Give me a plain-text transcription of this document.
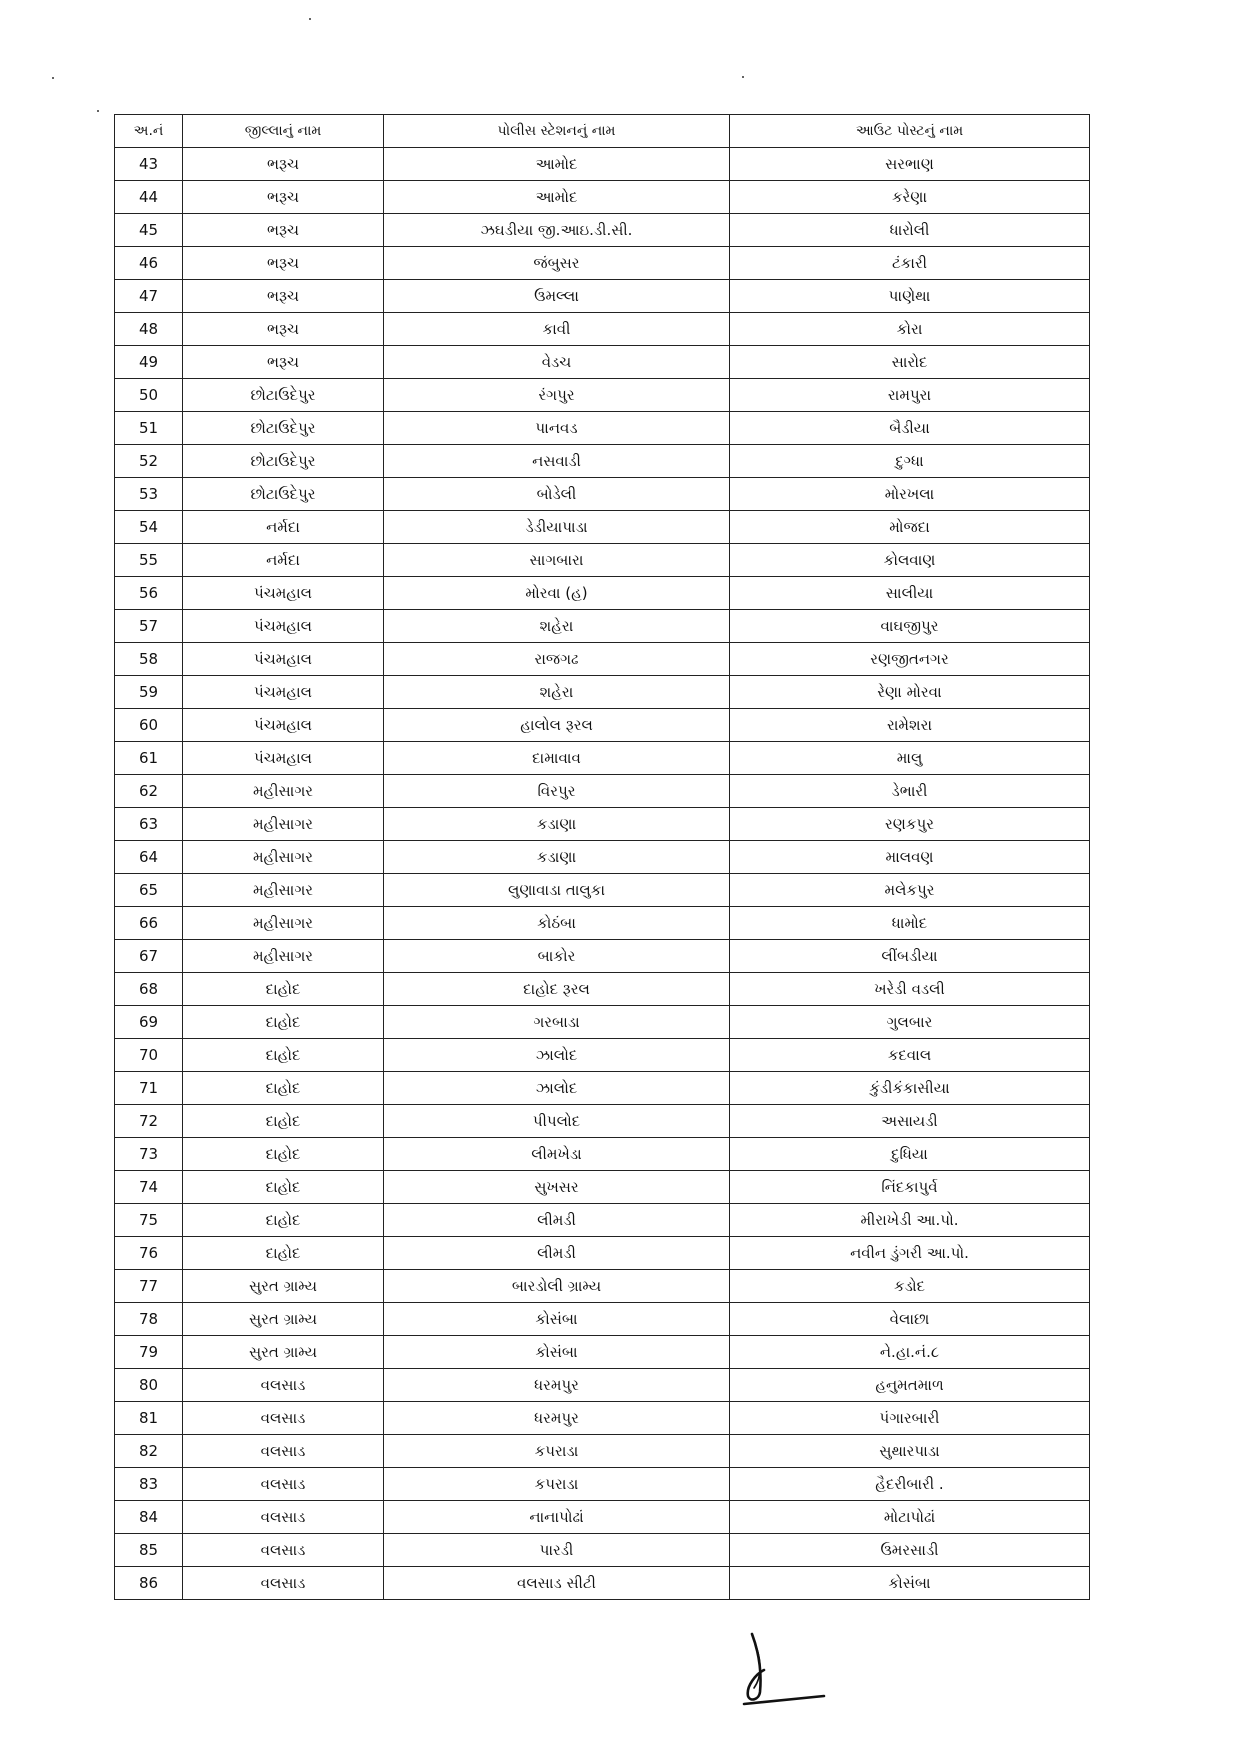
અ.નં	જીલ્લાનું નામ	પોલીસ સ્ટેશનનું નામ	આઉટ પોસ્ટનું નામ
43	ભરૂચ	આમોદ	સરભાણ
44	ભરૂચ	આમોદ	કરેણા
45	ભરૂચ	ઝઘડીયા જી.આઇ.ડી.સી.	ધારોલી
46	ભરૂચ	જંબુસર	ટંકારી
47	ભરૂચ	ઉમલ્લા	પાણેથા
48	ભરૂચ	કાવી	કોરા
49	ભરૂચ	વેડચ	સારોદ
50	છોટાઉદેપુર	રંગપુર	રામપુરા
51	છોટાઉદેપુર	પાનવડ	બૈડીયા
52	છોટાઉદેપુર	નસવાડી	દુગ્ધા
53	છોટાઉદેપુર	બોડેલી	મોરખલા
54	નર્મદા	ડેડીયાપાડા	મોજદા
55	નર્મદા	સાગબારા	કોલવાણ
56	પંચમહાલ	મોરવા (હ)	સાલીયા
57	પંચમહાલ	શહેરા	વાઘજીપુર
58	પંચમહાલ	રાજગઢ	રણજીતનગર
59	પંચમહાલ	શહેરા	રેણા મોરવા
60	પંચમહાલ	હાલોલ રૂરલ	રામેશરા
61	પંચમહાલ	દામાવાવ	માલુ
62	મહીસાગર	વિરપુર	ડેભારી
63	મહીસાગર	કડાણા	રણકપુર
64	મહીસાગર	કડાણા	માલવણ
65	મહીસાગર	લુણાવાડા તાલુકા	મલેકપુર
66	મહીસાગર	કોઠંબા	ધામોદ
67	મહીસાગર	બાકોર	લીંબડીયા
68	દાહોદ	દાહોદ રૂરલ	ખરેડી વડલી
69	દાહોદ	ગરબાડા	ગુલબાર
70	દાહોદ	ઝાલોદ	કદવાલ
71	દાહોદ	ઝાલોદ	કુંડીકંકાસીયા
72	દાહોદ	પીપલોદ	અસાયડી
73	દાહોદ	લીમખેડા	દુધિયા
74	દાહોદ	સુખસર	નિંદકાપુર્વ
75	દાહોદ	લીમડી	મીરાખેડી આ.પો.
76	દાહોદ	લીમડી	નવીન ડુંગરી આ.પો.
77	સુરત ગ્રામ્ય	બારડોલી ગ્રામ્ય	કડોદ
78	સુરત ગ્રામ્ય	કોસંબા	વેલાછા
79	સુરત ગ્રામ્ય	કોસંબા	ને.હા.નં.૮
80	વલસાડ	ધરમપુર	હનુમતમાળ
81	વલસાડ	ધરમપુર	પંગારબારી
82	વલસાડ	કપરાડા	સુથારપાડા
83	વલસાડ	કપરાડા	હૈદરીબારી .
84	વલસાડ	નાનાપોઢાં	મોટાપોઢાં
85	વલસાડ	પારડી	ઉમરસાડી
86	વલસાડ	વલસાડ સીટી	કોસંબા
